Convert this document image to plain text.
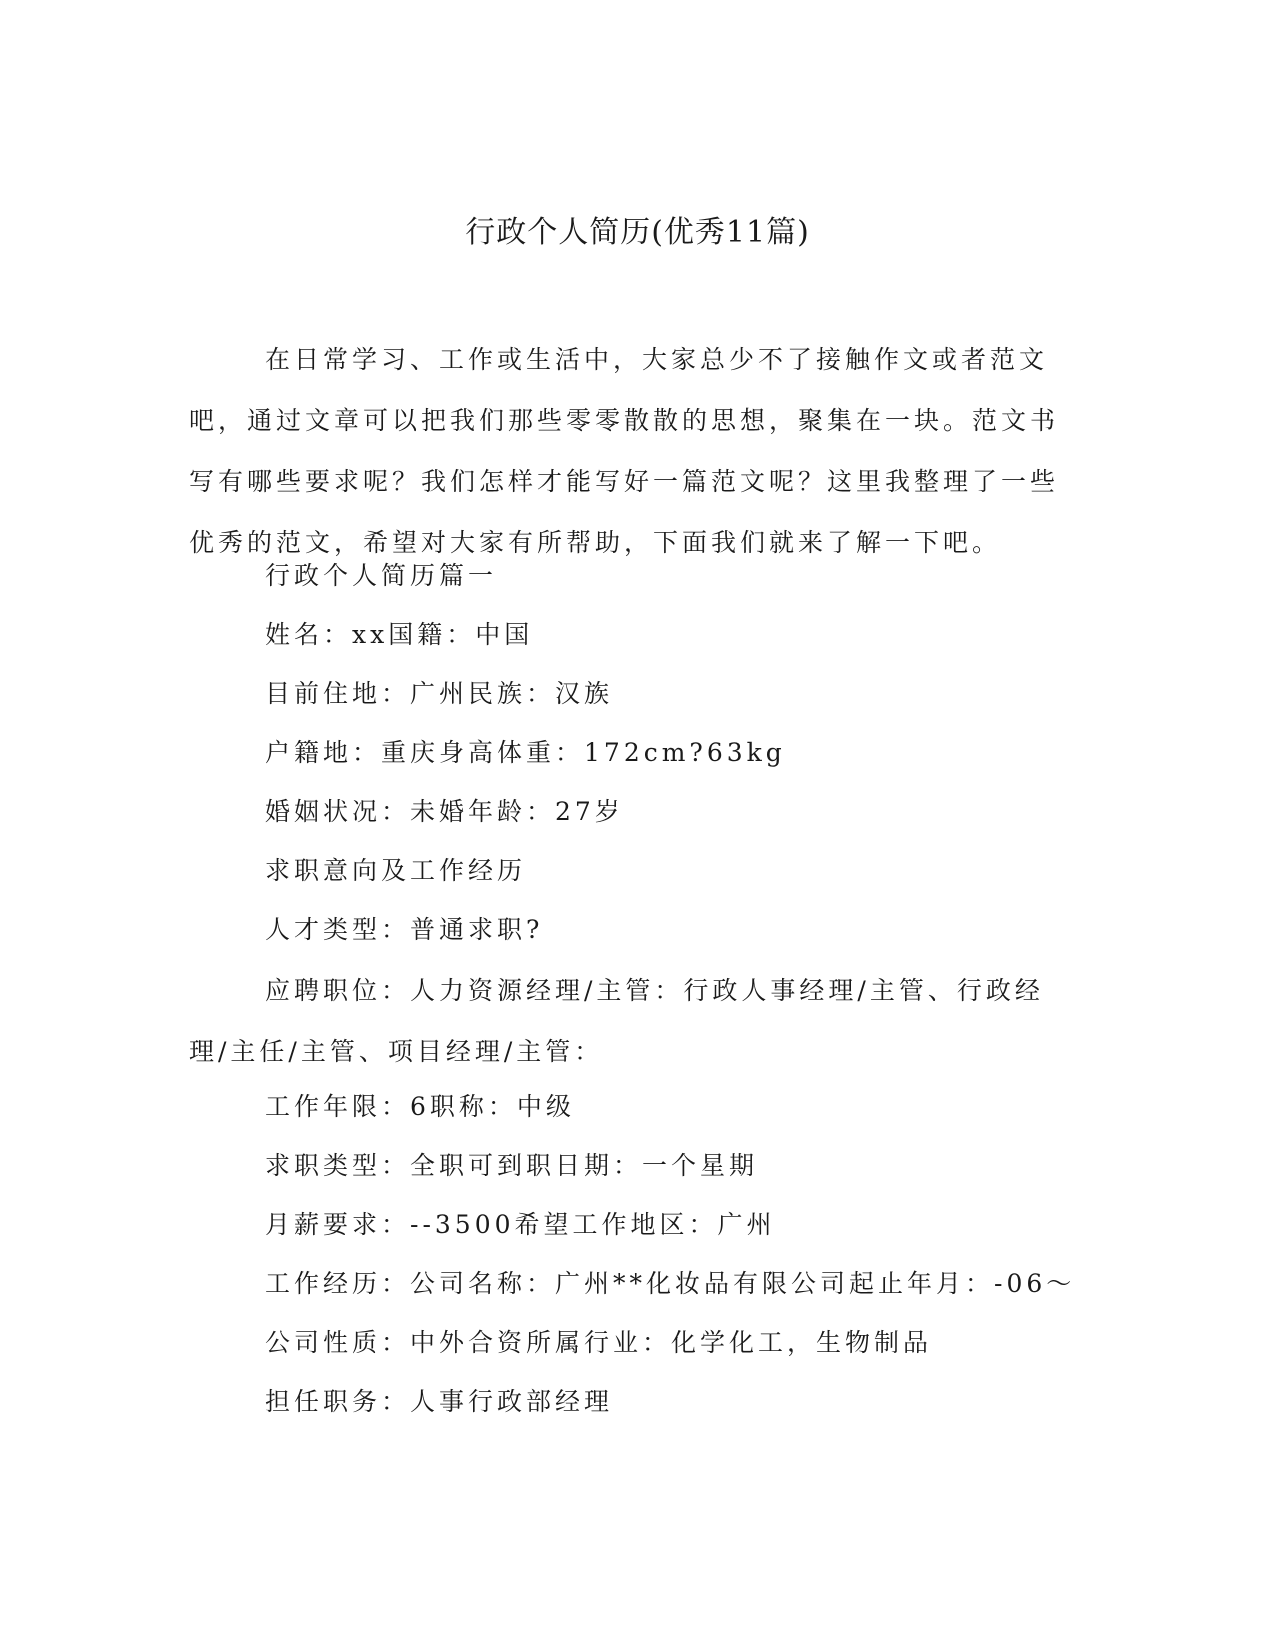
行政个人简历(优秀11篇)

在日常学习、工作或生活中，大家总少不了接触作文或者范文吧，通过文章可以把我们那些零零散散的思想，聚集在一块。范文书写有哪些要求呢？我们怎样才能写好一篇范文呢？这里我整理了一些优秀的范文，希望对大家有所帮助，下面我们就来了解一下吧。

行政个人简历篇一

姓名：xx国籍：中国

目前住地：广州民族：汉族

户籍地：重庆身高体重：172cm?63kg

婚姻状况：未婚年龄：27岁

求职意向及工作经历

人才类型：普通求职?

应聘职位：人力资源经理/主管：行政人事经理/主管、行政经理/主任/主管、项目经理/主管：

工作年限：6职称：中级

求职类型：全职可到职日期：一个星期

月薪要求：--3500希望工作地区：广州

工作经历：公司名称：广州**化妆品有限公司起止年月：-06～

公司性质：中外合资所属行业：化学化工，生物制品

担任职务：人事行政部经理
